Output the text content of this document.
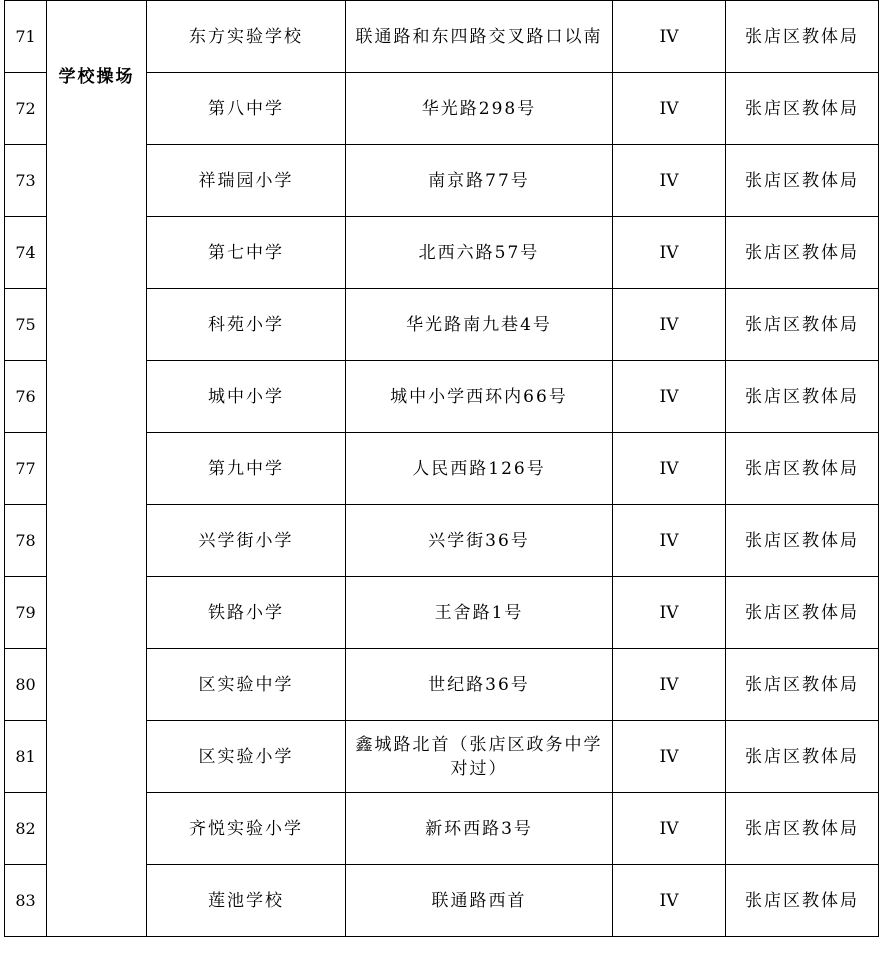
71	学校操场	东方实验学校	联通路和东四路交叉路口以南	IV	张店区教体局
72		第八中学	华光路298号	IV	张店区教体局
73		祥瑞园小学	南京路77号	IV	张店区教体局
74		第七中学	北西六路57号	IV	张店区教体局
75		科苑小学	华光路南九巷4号	IV	张店区教体局
76		城中小学	城中小学西环内66号	IV	张店区教体局
77		第九中学	人民西路126号	IV	张店区教体局
78		兴学街小学	兴学街36号	IV	张店区教体局
79		铁路小学	王舍路1号	IV	张店区教体局
80		区实验中学	世纪路36号	IV	张店区教体局
81		区实验小学	鑫城路北首（张店区政务中学对过）	IV	张店区教体局
82		齐悦实验小学	新环西路3号	IV	张店区教体局
83		莲池学校	联通路西首	IV	张店区教体局
